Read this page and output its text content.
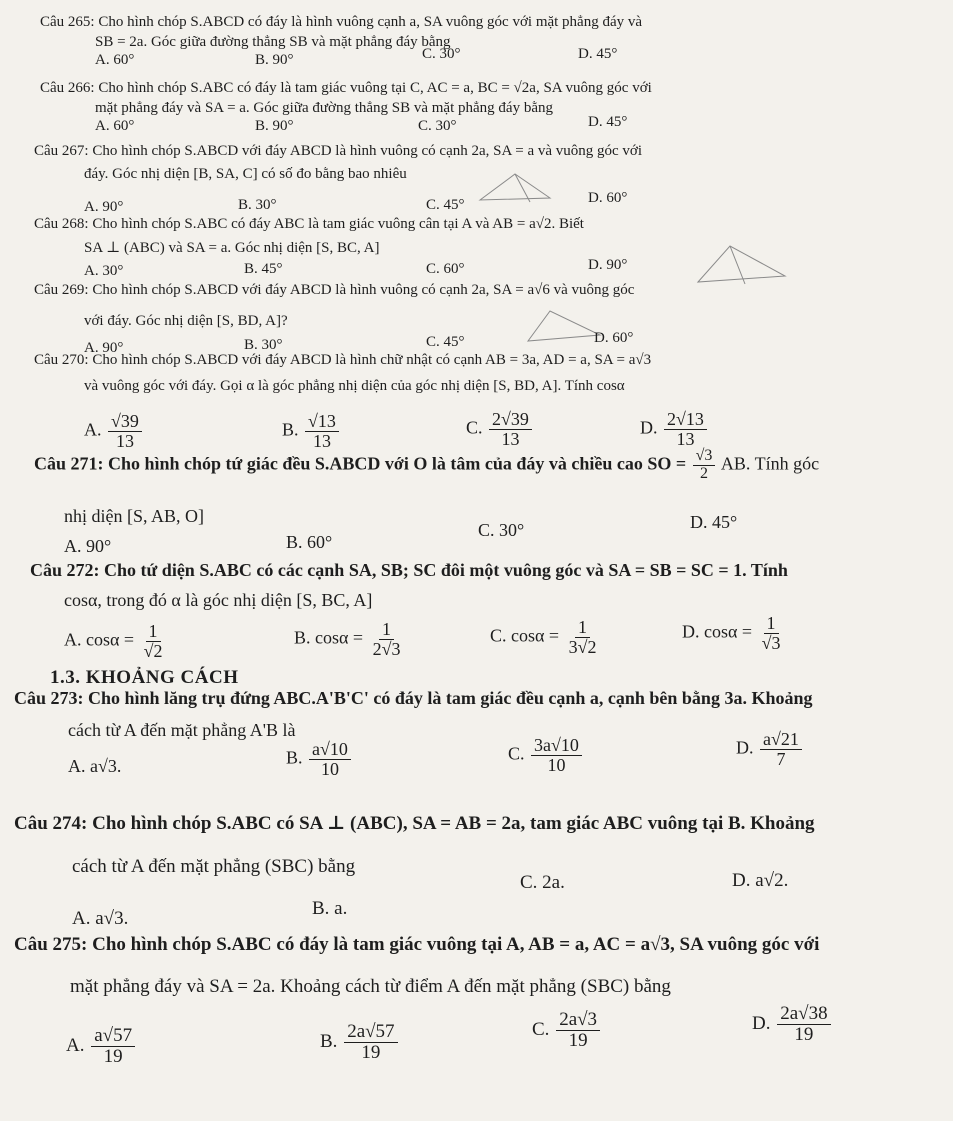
Câu 265: Cho hình chóp S.ABCD có đáy là hình vuông cạnh a, SA vuông góc với mặt phẳng đáy và
SB = 2a. Góc giữa đường thẳng SB và mặt phẳng đáy bằng
A. 60°	B. 90°	C. 30°	D. 45°
Câu 266: Cho hình chóp S.ABC có đáy là tam giác vuông tại C, AC = a, BC = √2a, SA vuông góc với
mặt phẳng đáy và SA = a. Góc giữa đường thẳng SB và mặt phẳng đáy bằng
A. 60°	B. 90°	C. 30°	D. 45°
Câu 267: Cho hình chóp S.ABCD với đáy ABCD là hình vuông có cạnh 2a, SA = a và vuông góc với
đáy. Góc nhị diện [B, SA, C] có số đo bằng bao nhiêu
A. 90°	B. 30°	C. 45°	D. 60°
Câu 268: Cho hình chóp S.ABC có đáy ABC là tam giác vuông cân tại A và AB = a√2. Biết
SA ⊥ (ABC) và SA = a. Góc nhị diện [S, BC, A]
A. 30°	B. 45°	C. 60°	D. 90°
Câu 269: Cho hình chóp S.ABCD với đáy ABCD là hình vuông có cạnh 2a, SA = a√6 và vuông góc
với đáy. Góc nhị diện [S, BD, A]?
A. 90°	B. 30°	C. 45°	D. 60°
Câu 270: Cho hình chóp S.ABCD với đáy ABCD là hình chữ nhật có cạnh AB = 3a, AD = a, SA = a√3
và vuông góc với đáy. Gọi α là góc phẳng nhị diện của góc nhị diện [S, BD, A]. Tính cosα
A. $\frac{√39}{13}$	B. $\frac{√13}{13}$	C. $\frac{2√39}{13}$	D. $\frac{2√13}{13}$
Câu 271: Cho hình chóp tứ giác đều S.ABCD với O là tâm của đáy và chiều cao SO = $\frac{√3}{2}$ AB. Tính góc
nhị diện [S, AB, O]
A. 90°	B. 60°
C. 30°	D. 45°
Câu 272: Cho tứ diện S.ABC có các cạnh SA, SB; SC đôi một vuông góc và SA = SB = SC = 1. Tính
cosα, trong đó α là góc nhị diện [S, BC, A]
A. $\cos\alpha = \frac{1}{√2}$	B. $\cos\alpha = \frac{1}{2√3}$	C. $\cos\alpha = \frac{1}{3√2}$	D. $\cos\alpha = \frac{1}{√3}$
1.3. KHOẢNG CÁCH
Câu 273: Cho hình lăng trụ đứng ABC.A'B'C' có đáy là tam giác đều cạnh a, cạnh bên bằng 3a. Khoảng
cách từ A đến mặt phẳng A'B là
A. a√3.	B. $\frac{a√10}{10}$	C. $\frac{3a√10}{10}$	D. $\frac{a√21}{7}$
Câu 274: Cho hình chóp S.ABC có SA ⊥ (ABC), SA = AB = 2a, tam giác ABC vuông tại B. Khoảng
cách từ A đến mặt phẳng (SBC) bằng
A. a√3.	B. a.
C. 2a.	D. a√2.
Câu 275: Cho hình chóp S.ABC có đáy là tam giác vuông tại A, AB = a, AC = a√3, SA vuông góc với
mặt phẳng đáy và SA = 2a. Khoảng cách từ điểm A đến mặt phẳng (SBC) bằng
A. $\frac{a√57}{19}$	B. $\frac{2a√57}{19}$	C. $\frac{2a√3}{19}$	D. $\frac{2a√38}{19}$
